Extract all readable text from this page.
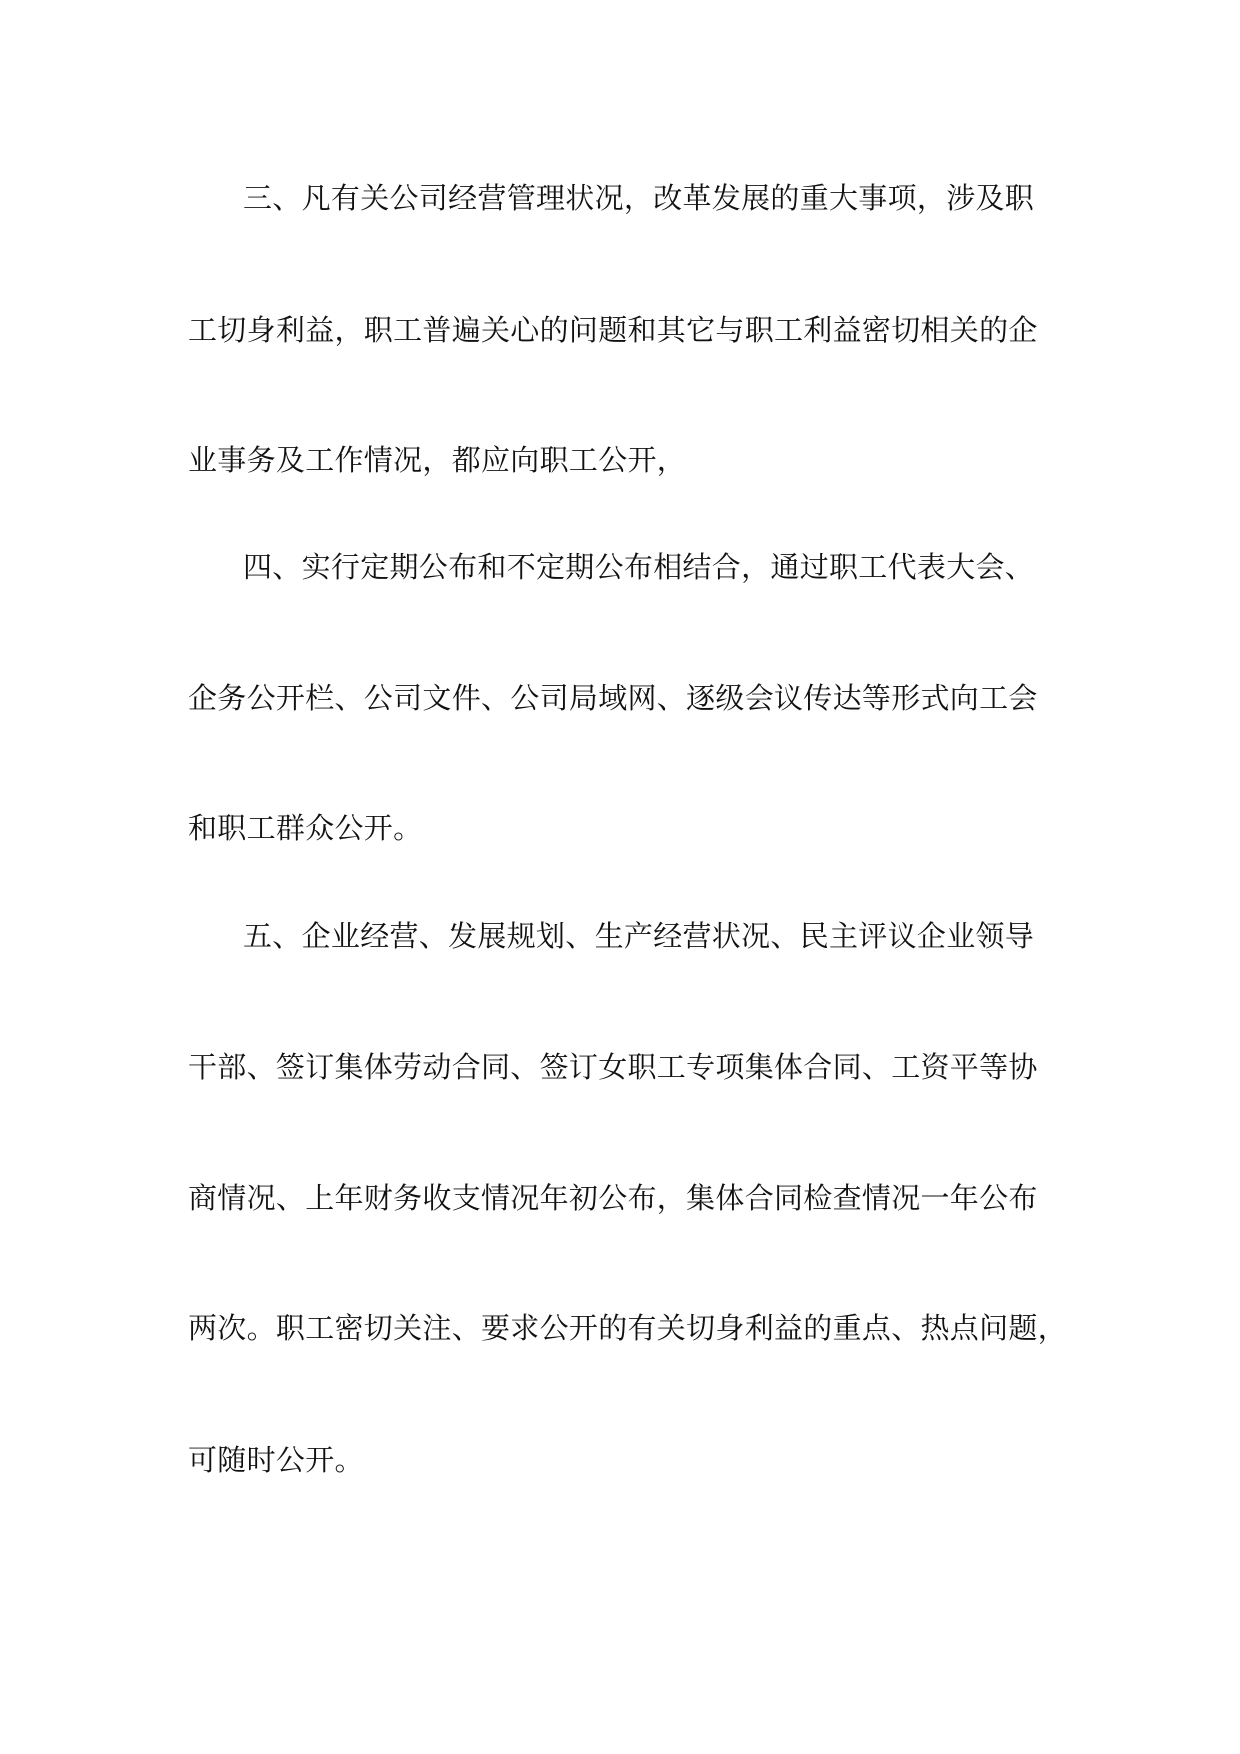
三、凡有关公司经营管理状况，改革发展的重大事项，涉及职
工切身利益，职工普遍关心的问题和其它与职工利益密切相关的企
业事务及工作情况，都应向职工公开，
四、实行定期公布和不定期公布相结合，通过职工代表大会、
企务公开栏、公司文件、公司局域网、逐级会议传达等形式向工会
和职工群众公开。
五、企业经营、发展规划、生产经营状况、民主评议企业领导
干部、签订集体劳动合同、签订女职工专项集体合同、工资平等协
商情况、上年财务收支情况年初公布，集体合同检查情况一年公布
两次。职工密切关注、要求公开的有关切身利益的重点、热点问题，
可随时公开。
